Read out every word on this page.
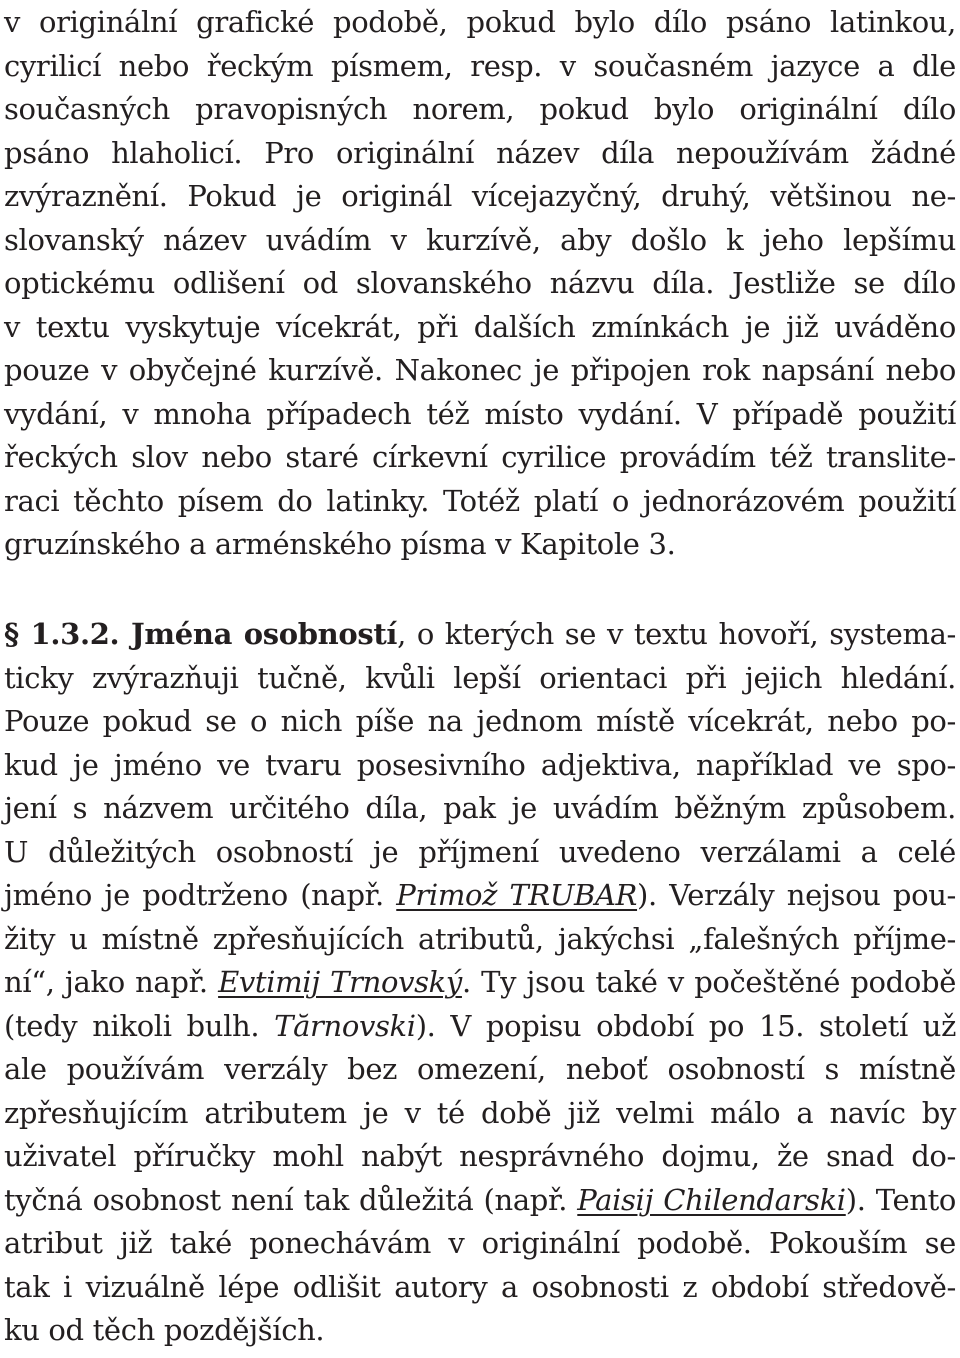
v originální grafické podobě, pokud bylo dílo psáno latinkou,
cyrilicí nebo řeckým písmem, resp. v současném jazyce a dle
současných pravopisných norem, pokud bylo originální dílo
psáno hlaholicí. Pro originální název díla nepoužívám žádné
zvýraznění. Pokud je originál vícejazyčný, druhý, většinou ne-
slovanský název uvádím v kurzívě, aby došlo k jeho lepšímu
optickému odlišení od slovanského názvu díla. Jestliže se dílo
v textu vyskytuje vícekrát, při dalších zmínkách je již uváděno
pouze v obyčejné kurzívě. Nakonec je připojen rok napsání nebo
vydání, v mnoha případech též místo vydání. V případě použití
řeckých slov nebo staré církevní cyrilice provádím též translite-
raci těchto písem do latinky. Totéž platí o jednorázovém použití
gruzínského a arménského písma v Kapitole 3.
§ 1.3.2. Jména osobností, o kterých se v textu hovoří, systema-
ticky zvýrazňuji tučně, kvůli lepší orientaci při jejich hledání.
Pouze pokud se o nich píše na jednom místě vícekrát, nebo po-
kud je jméno ve tvaru posesivního adjektiva, například ve spo-
jení s názvem určitého díla, pak je uvádím běžným způsobem.
U důležitých osobností je příjmení uvedeno verzálami a celé
jméno je podtrženo (např. Primož TRUBAR). Verzály nejsou pou-
žity u místně zpřesňujících atributů, jakýchsi „falešných příjme-
ní“, jako např. Evtimij Trnovský. Ty jsou také v počeštěné podobě
(tedy nikoli bulh. Tărnovski). V popisu období po 15. století už
ale používám verzály bez omezení, neboť osobností s místně
zpřesňujícím atributem je v té době již velmi málo a navíc by
uživatel příručky mohl nabýt nesprávného dojmu, že snad do-
tyčná osobnost není tak důležitá (např. Paisij Chilendarski). Tento
atribut již také ponechávám v originální podobě. Pokouším se
tak i vizuálně lépe odlišit autory a osobnosti z období středově-
ku od těch pozdějších.
